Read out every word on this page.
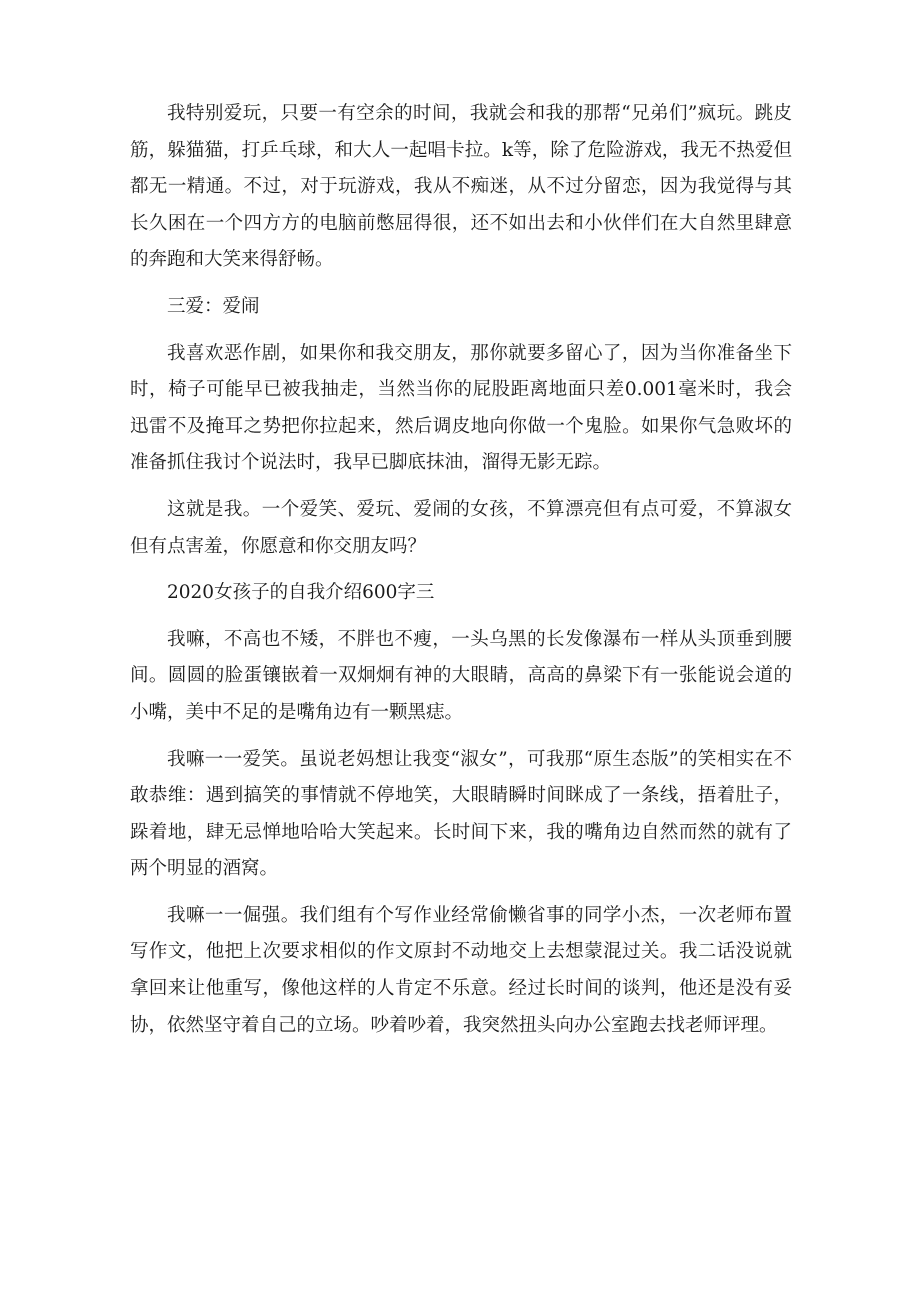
我特别爱玩，只要一有空余的时间，我就会和我的那帮“兄弟们”疯玩。跳皮筋，躲猫猫，打乒乓球，和大人一起唱卡拉。k等，除了危险游戏，我无不热爱但都无一精通。不过，对于玩游戏，我从不痴迷，从不过分留恋，因为我觉得与其长久困在一个四方方的电脑前憋屈得很，还不如出去和小伙伴们在大自然里肆意的奔跑和大笑来得舒畅。

三爱：爱闹

我喜欢恶作剧，如果你和我交朋友，那你就要多留心了，因为当你准备坐下时，椅子可能早已被我抽走，当然当你的屁股距离地面只差0.001毫米时，我会迅雷不及掩耳之势把你拉起来，然后调皮地向你做一个鬼脸。如果你气急败坏的准备抓住我讨个说法时，我早已脚底抹油，溜得无影无踪。

这就是我。一个爱笑、爱玩、爱闹的女孩，不算漂亮但有点可爱，不算淑女但有点害羞，你愿意和你交朋友吗？

2020女孩子的自我介绍600字三

我嘛，不高也不矮，不胖也不瘦，一头乌黑的长发像瀑布一样从头顶垂到腰间。圆圆的脸蛋镶嵌着一双炯炯有神的大眼睛，高高的鼻梁下有一张能说会道的小嘴，美中不足的是嘴角边有一颗黑痣。

我嘛一一爱笑。虽说老妈想让我变“淑女”，可我那“原生态版”的笑相实在不敢恭维：遇到搞笑的事情就不停地笑，大眼睛瞬时间眯成了一条线，捂着肚子，跺着地，肆无忌惮地哈哈大笑起来。长时间下来，我的嘴角边自然而然的就有了两个明显的酒窝。

我嘛一一倔强。我们组有个写作业经常偷懒省事的同学小杰，一次老师布置写作文，他把上次要求相似的作文原封不动地交上去想蒙混过关。我二话没说就拿回来让他重写，像他这样的人肯定不乐意。经过长时间的谈判，他还是没有妥协，依然坚守着自己的立场。吵着吵着，我突然扭头向办公室跑去找老师评理。
